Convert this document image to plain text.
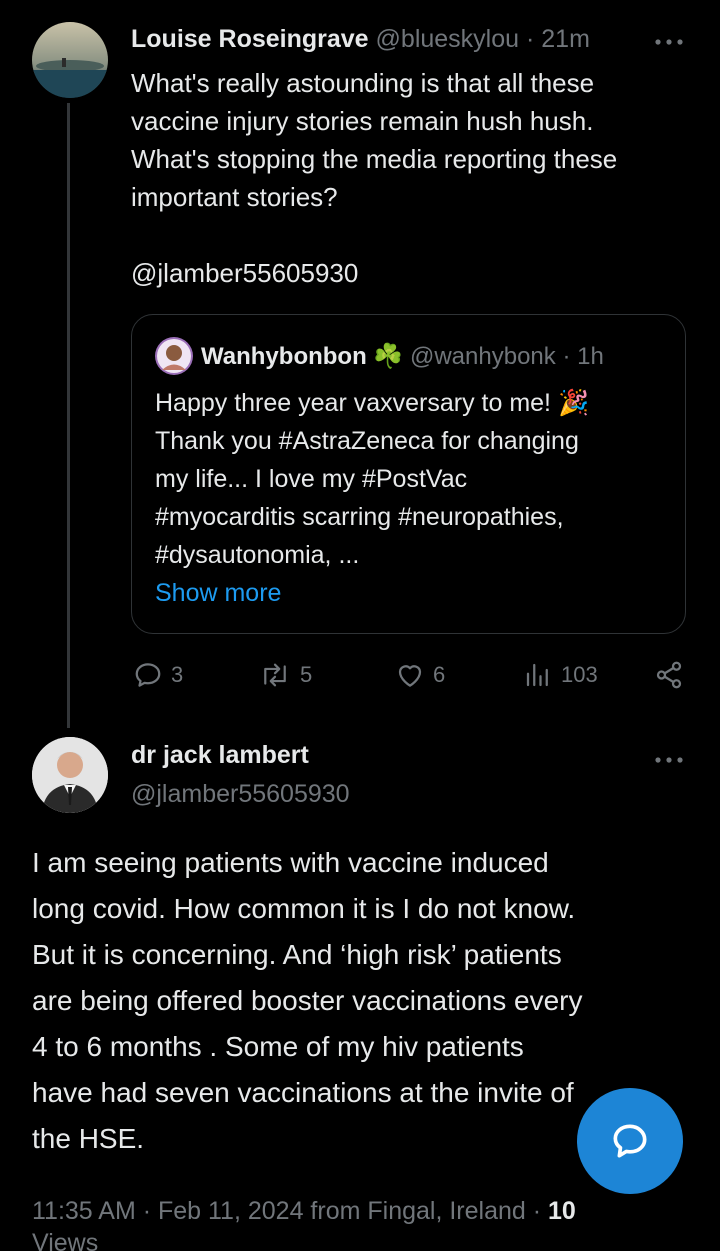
Louise Roseingrave @blueskylou · 21m
What's really astounding is that all these
vaccine injury stories remain hush hush.
What's stopping the media reporting these
important stories?
@jlamber55605930
Wanhybonbon ☘️ @wanhybonk · 1h
Happy three year vaxversary to me! 🎉
Thank you #AstraZeneca for changing
my life... I love my #PostVac
#myocarditis scarring #neuropathies,
#dysautonomia, ...
Show more
3	5	6	103
dr jack lambert
@jlamber55605930
I am seeing patients with vaccine induced
long covid. How common it is I do not know.
But it is concerning. And ‘high risk’ patients
are being offered booster vaccinations every
4 to 6 months . Some of my hiv patients
have had seven vaccinations at the invite of
the HSE.
11:35 AM · Feb 11, 2024 from Fingal, Ireland · 10
Views
